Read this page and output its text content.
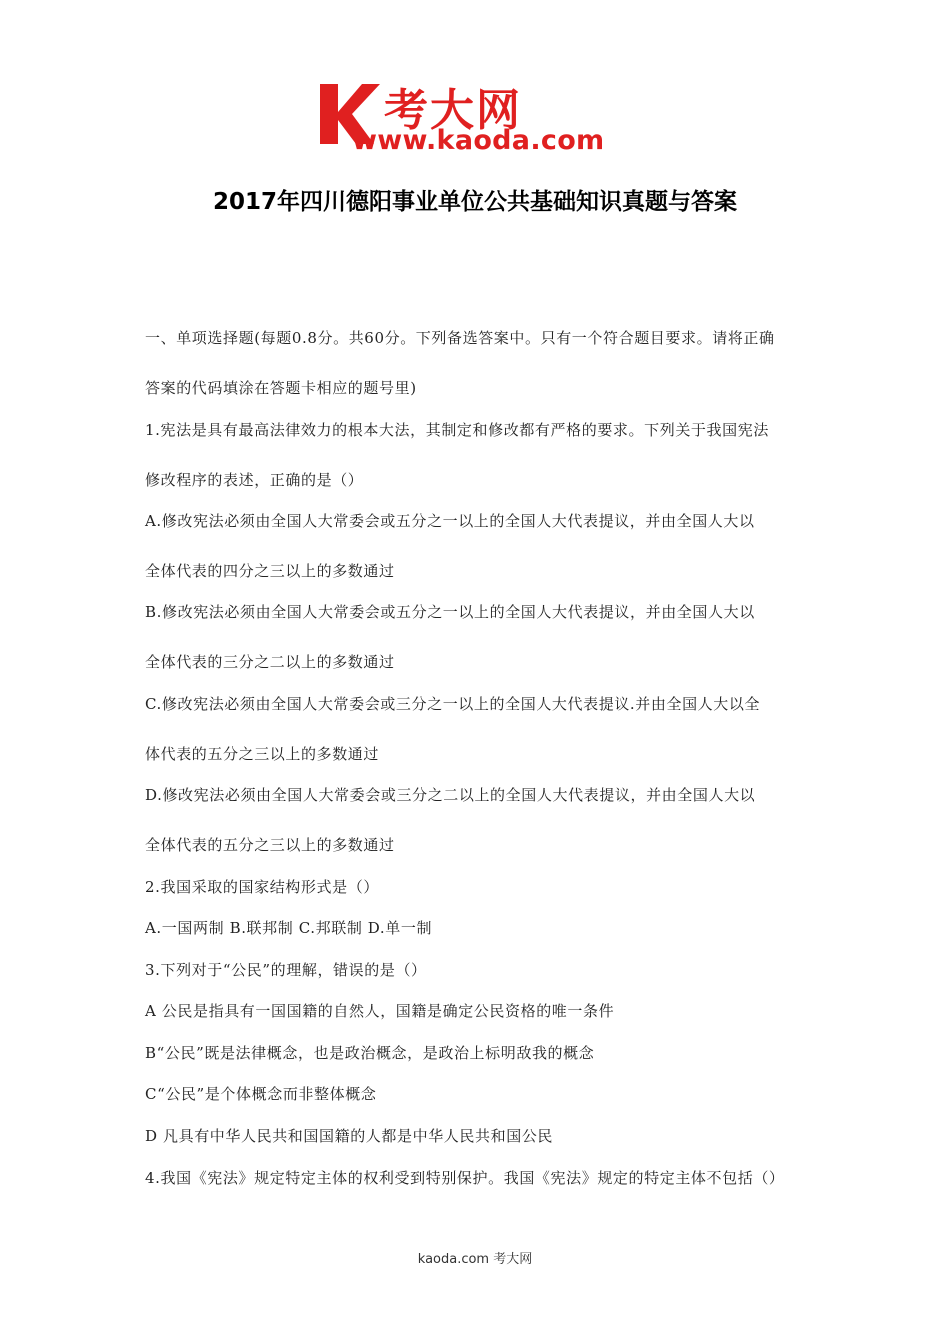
考大网
www.kaoda.com
2017年四川德阳事业单位公共基础知识真题与答案
一、单项选择题(每题0.8分。共60分。下列备选答案中。只有一个符合题目要求。请将正确
答案的代码填涂在答题卡相应的题号里)
1.宪法是具有最高法律效力的根本大法，其制定和修改都有严格的要求。下列关于我国宪法
修改程序的表述，正确的是（）
A.修改宪法必须由全国人大常委会或五分之一以上的全国人大代表提议，并由全国人大以
全体代表的四分之三以上的多数通过
B.修改宪法必须由全国人大常委会或五分之一以上的全国人大代表提议，并由全国人大以
全体代表的三分之二以上的多数通过
C.修改宪法必须由全国人大常委会或三分之一以上的全国人大代表提议.并由全国人大以全
体代表的五分之三以上的多数通过
D.修改宪法必须由全国人大常委会或三分之二以上的全国人大代表提议，并由全国人大以
全体代表的五分之三以上的多数通过
2.我国采取的国家结构形式是（）
A.一国两制 B.联邦制 C.邦联制 D.单一制
3.下列对于“公民”的理解，错误的是（）
A 公民是指具有一国国籍的自然人，国籍是确定公民资格的唯一条件
B“公民”既是法律概念，也是政治概念，是政治上标明敌我的概念
C“公民”是个体概念而非整体概念
D 凡具有中华人民共和国国籍的人都是中华人民共和国公民
4.我国《宪法》规定特定主体的权利受到特别保护。我国《宪法》规定的特定主体不包括（）
kaoda.com 考大网
